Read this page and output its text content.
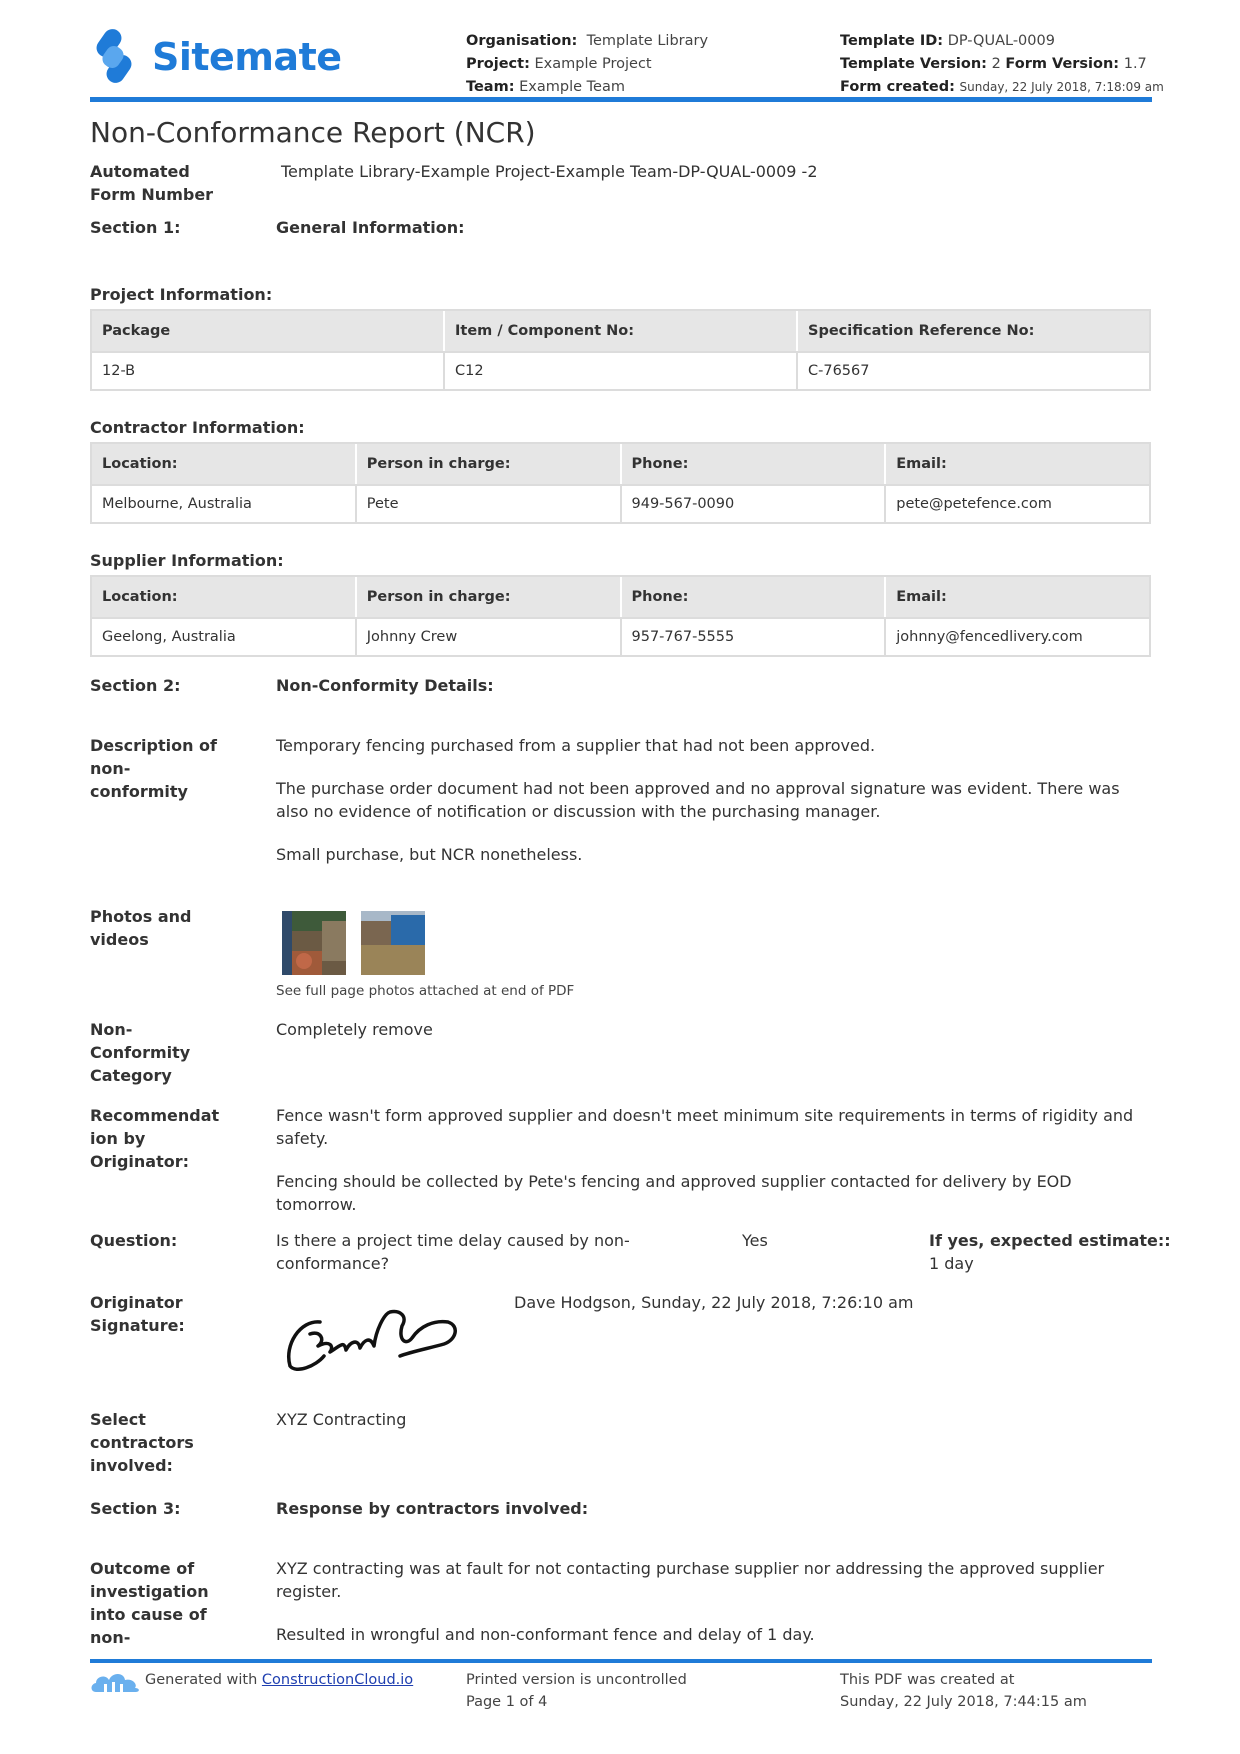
Sitemate	Organisation: Template Library
Project: Example Project
Team: Example Team
Template ID: DP-QUAL-0009
Template Version: 2 Form Version: 1.7
Form created: Sunday, 22 July 2018, 7:18:09 am
Non-Conformance Report (NCR)
Automated
Form Number
Template Library-Example Project-Example Team-DP-QUAL-0009 -2
Section 1:	General Information:
Project Information:
Package	Item / Component No:	Specification Reference No:
12-B	C12	C-76567
Contractor Information:
Location:	Person in charge:	Phone:	Email:
Melbourne, Australia	Pete	949-567-0090	pete@petefence.com
Supplier Information:
Location:	Person in charge:	Phone:	Email:
Geelong, Australia	Johnny Crew	957-767-5555	johnny@fencedlivery.com
Section 2:	Non-Conformity Details:
Description of
non-
conformity

Temporary fencing purchased from a supplier that had not been approved.

The purchase order document had not been approved and no approval signature was evident. There was also no evidence of notification or discussion with the purchasing manager.

Small purchase, but NCR nonetheless.

Photos and
videos
See full page photos attached at end of PDF
Non-
Conformity
Category
Completely remove
Recommendat
ion by
Originator:

Fence wasn't form approved supplier and doesn't meet minimum site requirements in terms of rigidity and safety.

Fencing should be collected by Pete's fencing and approved supplier contacted for delivery by EOD tomorrow.

Question:	Is there a project time delay caused by non-conformance?
Yes	If yes, expected estimate::
1 day
Originator
Signature:
Dave Hodgson, Sunday, 22 July 2018, 7:26:10 am
Select
contractors
involved:
XYZ Contracting
Section 3:	Response by contractors involved:
Outcome of
investigation
into cause of
non-

XYZ contracting was at fault for not contacting purchase supplier nor addressing the approved supplier register.

Resulted in wrongful and non-conformant fence and delay of 1 day.

Generated with ConstructionCloud.io	Printed version is uncontrolled
Page 1 of 4
This PDF was created at
Sunday, 22 July 2018, 7:44:15 am
